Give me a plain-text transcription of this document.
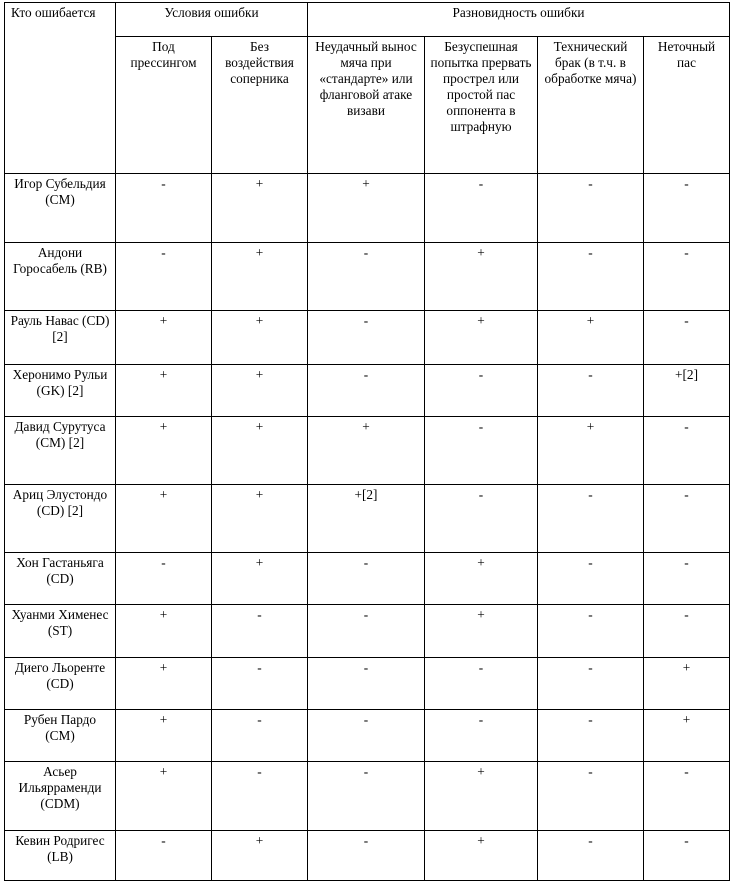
Кто ошибается	Условия ошибки		Разновидность ошибки			
	Под прессингом	Без воздействия соперника	Неудачный вынос мяча при «стандарте» или фланговой атаке визави	Безуспешная попытка прервать прострел или простой пас оппонента в штрафную	Технический брак (в т.ч. в обработке мяча)	Неточный пас
Игор Субельдия (CM)	-	+	+	-	-	-
Андони Горосабель (RB)	-	+	-	+	-	-
Рауль Навас (CD) [2]	+	+	-	+	+	-
Херонимо Рульи (GK) [2]	+	+	-	-	-	+[2]
Давид Сурутуса (CM) [2]	+	+	+	-	+	-
Ариц Элустондо (CD) [2]	+	+	+[2]	-	-	-
Хон Гастаньяга (CD)	-	+	-	+	-	-
Хуанми Хименес (ST)	+	-	-	+	-	-
Диего Льоренте (CD)	+	-	-	-	-	+
Рубен Пардо (CM)	+	-	-	-	-	+
Асьер Ильярраменди (CDM)	+	-	-	+	-	-
Кевин Родригес (LB)	-	+	-	+	-	-
